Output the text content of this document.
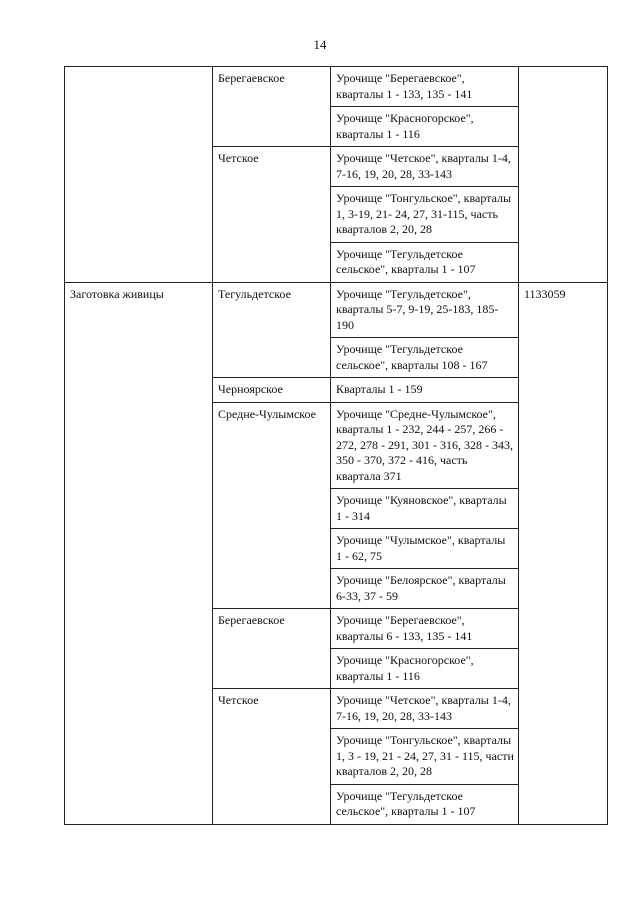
14
	Берегаевское	Урочище "Берегаевское", кварталы 1 - 133, 135 - 141	
		Урочище "Красногорское", кварталы 1 - 116	
	Четское	Урочище "Четское", кварталы 1-4, 7-16, 19, 20, 28, 33-143	
		Урочище "Тонгульское", кварталы 1, 3-19, 21- 24, 27, 31-115, часть кварталов 2, 20, 28	
		Урочище "Тегульдетское сельское", кварталы 1 - 107	
Заготовка живицы	Тегульдетское	Урочище "Тегульдетское", кварталы 5-7, 9-19, 25-183, 185-190	1133059
		Урочище "Тегульдетское сельское", кварталы 108 - 167	
	Черноярское	Кварталы 1 - 159	
	Средне-Чулымское	Урочище "Средне-Чулымское", кварталы 1 - 232, 244 - 257, 266 - 272, 278 - 291, 301 - 316, 328 - 343, 350 - 370, 372 - 416, часть квартала 371	
		Урочище "Куяновское", кварталы 1 - 314	
		Урочище "Чулымское", кварталы 1 - 62, 75	
		Урочище "Белоярское", кварталы 6-33, 37 - 59	
	Берегаевское	Урочище "Берегаевское", кварталы 6 - 133, 135 - 141	
		Урочище "Красногорское", кварталы 1 - 116	
	Четское	Урочище "Четское", кварталы 1-4, 7-16, 19, 20, 28, 33-143	
		Урочище "Тонгульское", кварталы 1, 3 - 19, 21 - 24, 27, 31 - 115, части кварталов 2, 20, 28	
		Урочище "Тегульдетское сельское", кварталы 1 - 107	
